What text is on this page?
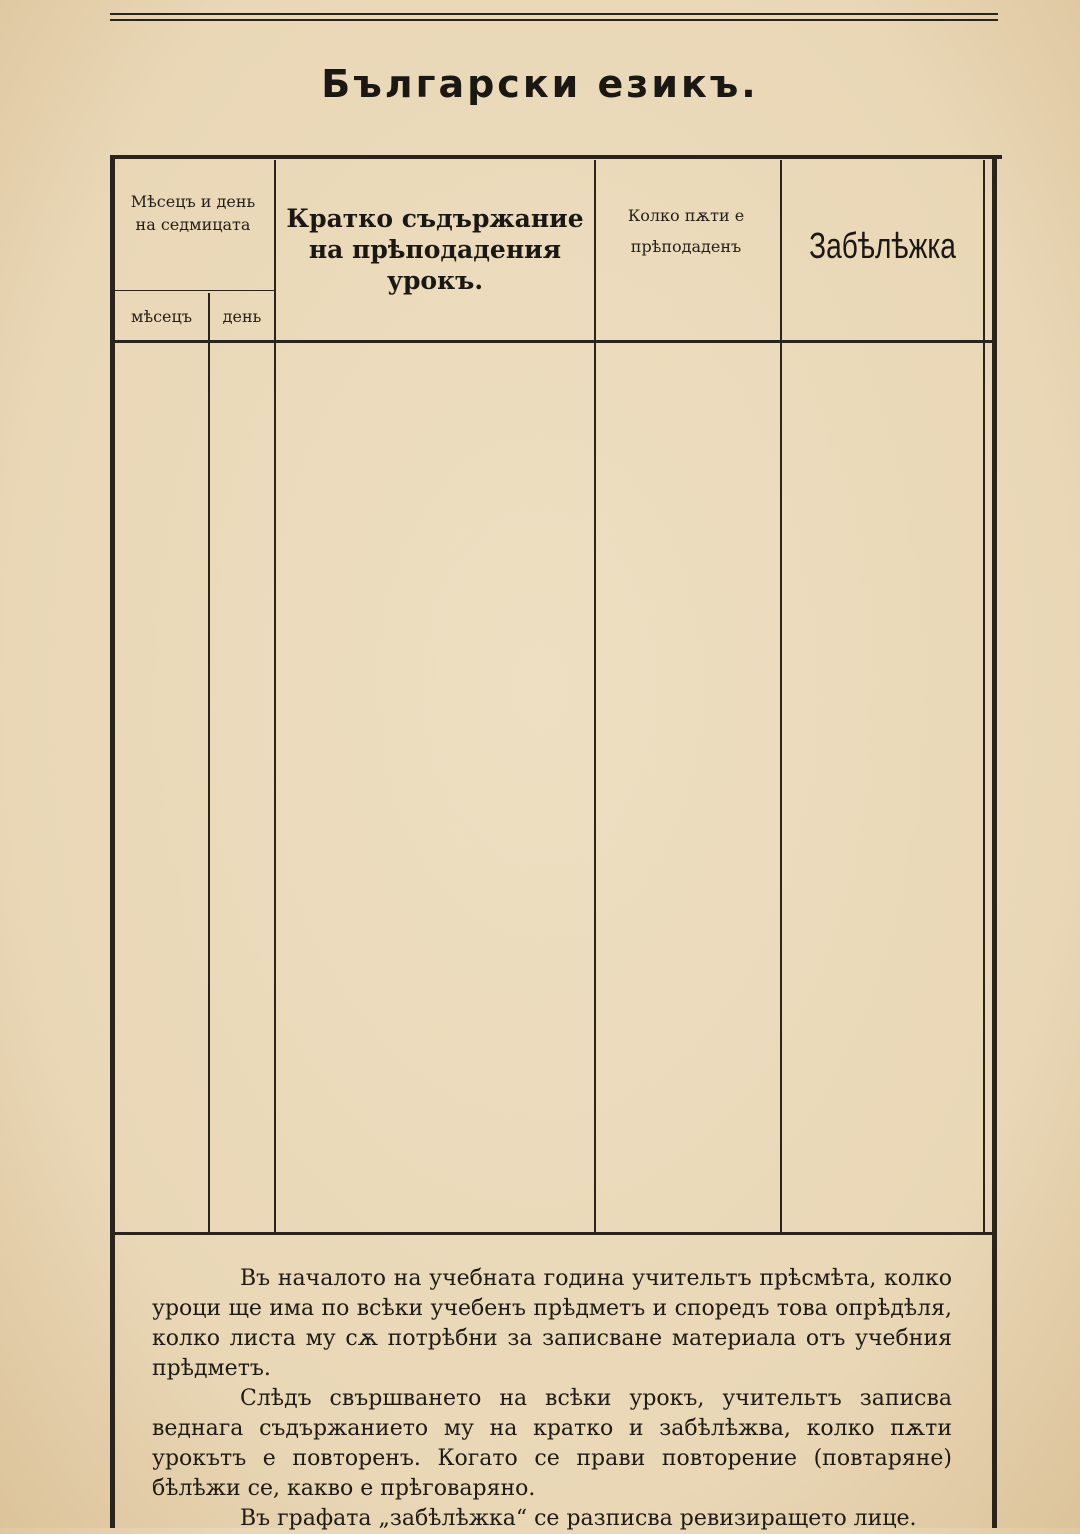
Български езикъ.
Мѣсецъ и день на седмицата
мѣсецъ	день
Кратко съдържание на прѣподадения урокъ.
Колко пѫти е прѣподаденъ	Забѣлѣжка

Въ началото на учебната година учительтъ прѣсмѣта, колко уроци ще има по всѣки учебенъ прѣдметъ и споредъ това опрѣдѣля, колко листа му сѫ потрѣбни за записване материала отъ учебния прѣдметъ.

Слѣдъ свършването на всѣки урокъ, учительтъ записва веднага съдържанието му на кратко и забѣлѣжва, колко пѫти урокътъ е повторенъ. Когато се прави повторение (повтаряне) бѣлѣжи се, какво е прѣговаряно.

Въ графата „забѣлѣжка“ се разписва ревизиращето лице.
